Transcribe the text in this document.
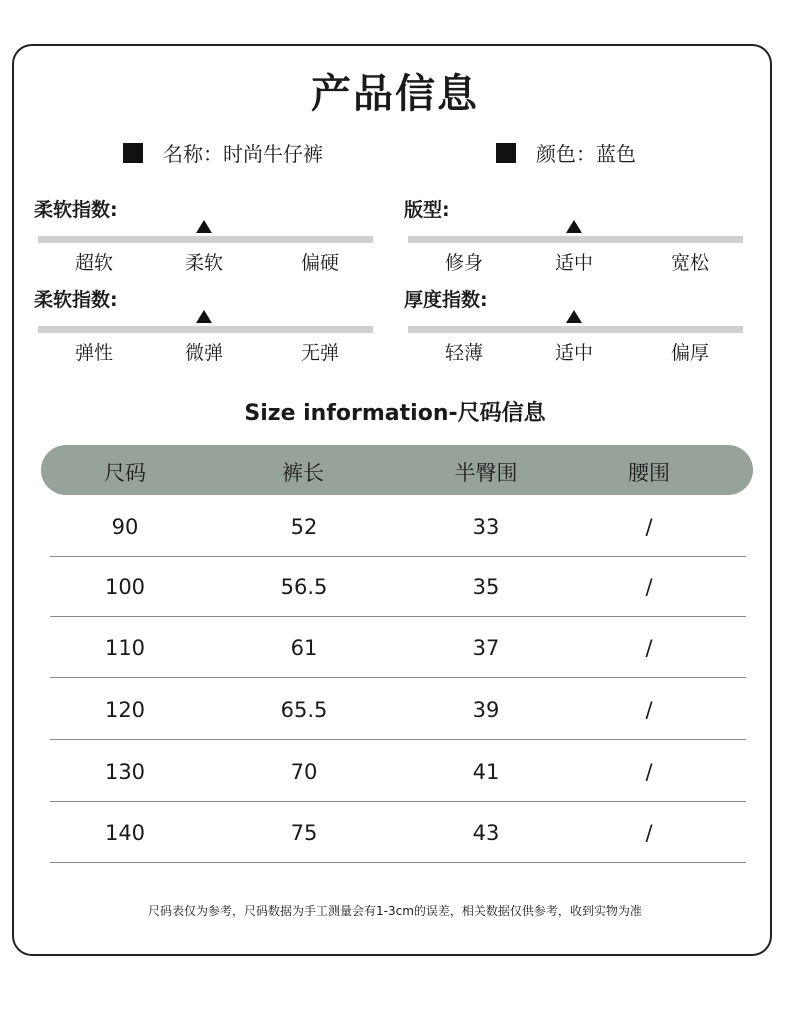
产品信息
名称：时尚牛仔裤	颜色：蓝色
柔软指数:
超软	柔软	偏硬
版型:
修身	适中	宽松
柔软指数:
弹性	微弹	无弹
厚度指数:
轻薄	适中	偏厚
Size information-尺码信息
尺码	裤长	半臀围	腰围
90	52	33	/
100	56.5	35	/
110	61	37	/
120	65.5	39	/
130	70	41	/
140	75	43	/
尺码表仅为参考，尺码数据为手工测量会有1-3cm的误差，相关数据仅供参考，收到实物为准
